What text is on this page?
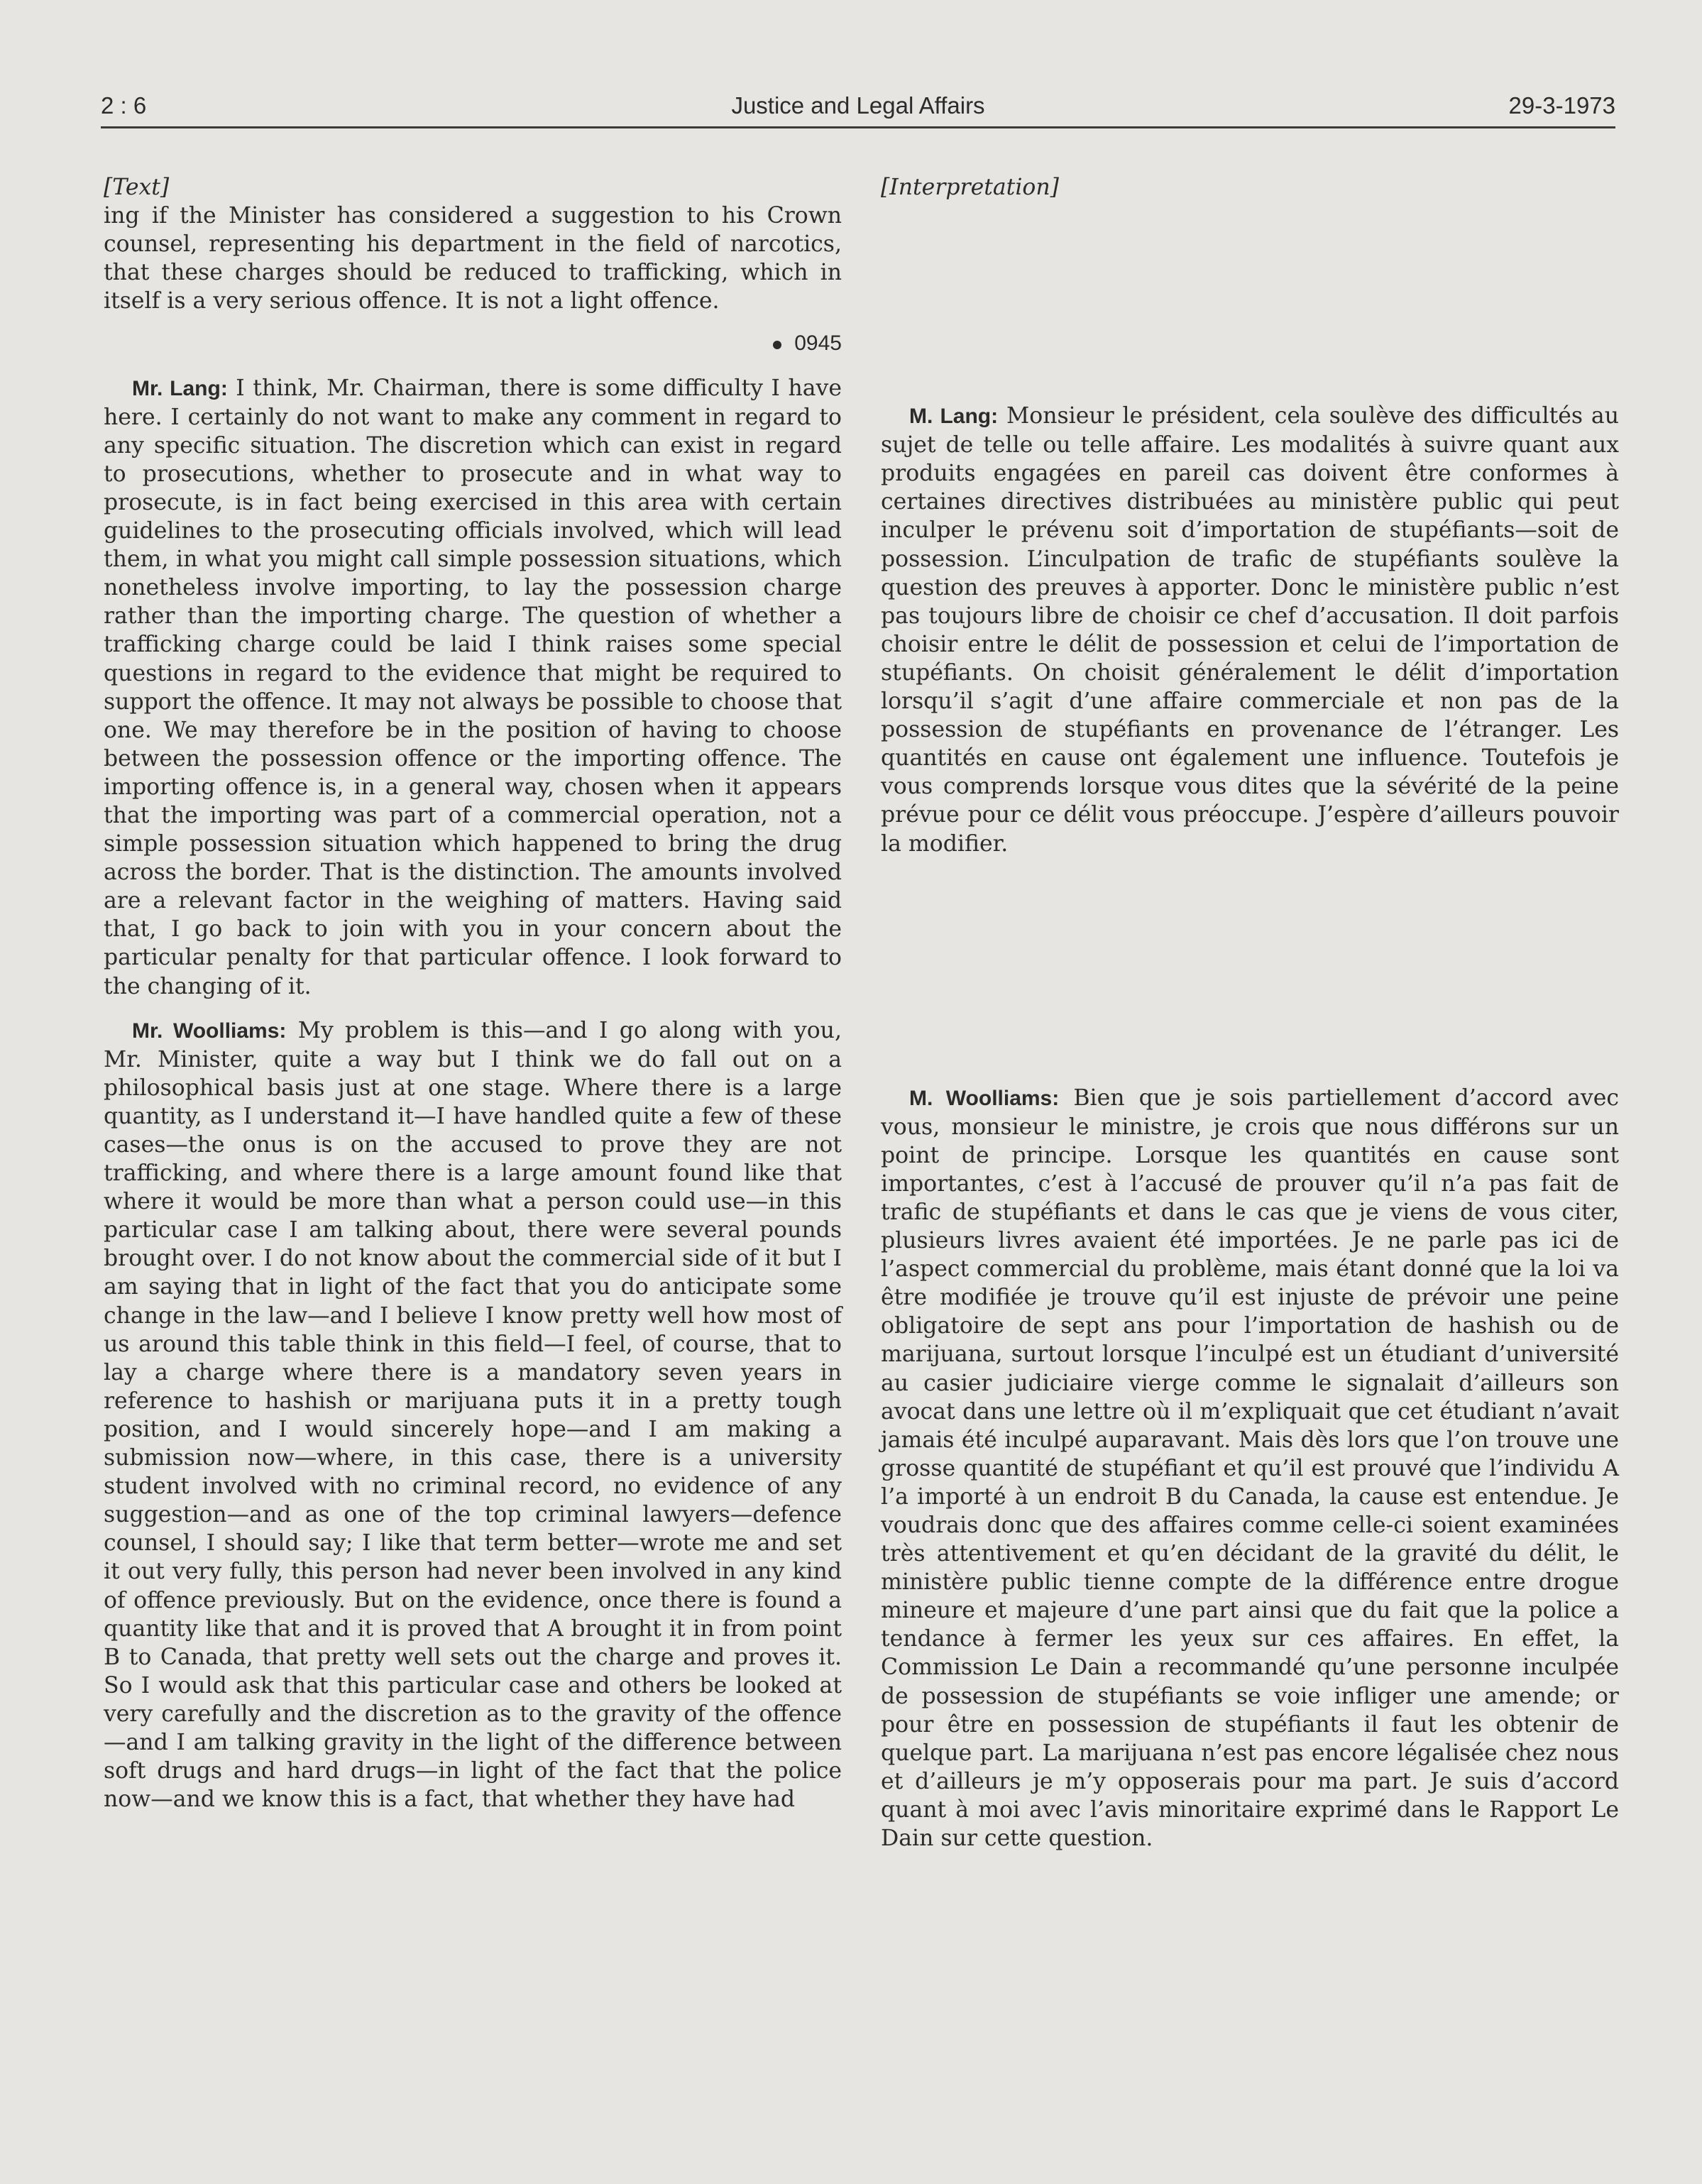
2 : 6	Justice and Legal Affairs	29-3-1973

[Text]

ing if the Minister has considered a suggestion to his Crown counsel, representing his department in the field of narcotics, that these charges should be reduced to trafficking, which in itself is a very serious offence. It is not a light offence.

0945

Mr. Lang: I think, Mr. Chairman, there is some difficulty I have here. I certainly do not want to make any comment in regard to any specific situation. The discretion which can exist in regard to prosecutions, whether to prosecute and in what way to prosecute, is in fact being exercised in this area with certain guidelines to the prosecuting officials involved, which will lead them, in what you might call simple possession situations, which nonetheless involve importing, to lay the possession charge rather than the importing charge. The question of whether a trafficking charge could be laid I think raises some special questions in regard to the evidence that might be required to support the offence. It may not always be possible to choose that one. We may therefore be in the position of having to choose between the possession offence or the importing offence. The importing offence is, in a general way, chosen when it appears that the importing was part of a commercial operation, not a simple possession situation which happened to bring the drug across the border. That is the distinction. The amounts involved are a relevant factor in the weighing of matters. Having said that, I go back to join with you in your concern about the particular penalty for that particular offence. I look forward to the changing of it.

Mr. Woolliams: My problem is this—and I go along with you, Mr. Minister, quite a way but I think we do fall out on a philosophical basis just at one stage. Where there is a large quantity, as I understand it—I have handled quite a few of these cases—the onus is on the accused to prove they are not trafficking, and where there is a large amount found like that where it would be more than what a person could use—in this particular case I am talking about, there were several pounds brought over. I do not know about the commercial side of it but I am saying that in light of the fact that you do anticipate some change in the law—and I believe I know pretty well how most of us around this table think in this field—I feel, of course, that to lay a charge where there is a mandatory seven years in reference to hashish or marijuana puts it in a pretty tough position, and I would sincerely hope—and I am making a submission now—where, in this case, there is a university student involved with no criminal record, no evidence of any suggestion—and as one of the top criminal lawyers—defence counsel, I should say; I like that term better—wrote me and set it out very fully, this person had never been involved in any kind of offence previously. But on the evidence, once there is found a quantity like that and it is proved that A brought it in from point B to Canada, that pretty well sets out the charge and proves it. So I would ask that this particular case and others be looked at very carefully and the discretion as to the gravity of the offence—and I am talking gravity in the light of the difference between soft drugs and hard drugs—in light of the fact that the police now—and we know this is a fact, that whether they have had

[Interpretation]

M. Lang: Monsieur le président, cela soulève des difficultés au sujet de telle ou telle affaire. Les modalités à suivre quant aux produits engagées en pareil cas doivent être conformes à certaines directives distribuées au ministère public qui peut inculper le prévenu soit d’importation de stupéfiants—soit de possession. L’inculpation de trafic de stupéfiants soulève la question des preuves à apporter. Donc le ministère public n’est pas toujours libre de choisir ce chef d’accusation. Il doit parfois choisir entre le délit de possession et celui de l’importation de stupéfiants. On choisit généralement le délit d’importation lorsqu’il s’agit d’une affaire commerciale et non pas de la possession de stupéfiants en provenance de l’étranger. Les quantités en cause ont également une influence. Toutefois je vous comprends lorsque vous dites que la sévérité de la peine prévue pour ce délit vous préoccupe. J’espère d’ailleurs pouvoir la modifier.

M. Woolliams: Bien que je sois partiellement d’accord avec vous, monsieur le ministre, je crois que nous différons sur un point de principe. Lorsque les quantités en cause sont importantes, c’est à l’accusé de prouver qu’il n’a pas fait de trafic de stupéfiants et dans le cas que je viens de vous citer, plusieurs livres avaient été importées. Je ne parle pas ici de l’aspect commercial du problème, mais étant donné que la loi va être modifiée je trouve qu’il est injuste de prévoir une peine obligatoire de sept ans pour l’importation de hashish ou de marijuana, surtout lorsque l’inculpé est un étudiant d’université au casier judiciaire vierge comme le signalait d’ailleurs son avocat dans une lettre où il m’expliquait que cet étudiant n’avait jamais été inculpé auparavant. Mais dès lors que l’on trouve une grosse quantité de stupéfiant et qu’il est prouvé que l’individu A l’a importé à un endroit B du Canada, la cause est entendue. Je voudrais donc que des affaires comme celle-ci soient examinées très attentivement et qu’en décidant de la gravité du délit, le ministère public tienne compte de la différence entre drogue mineure et majeure d’une part ainsi que du fait que la police a tendance à fermer les yeux sur ces affaires. En effet, la Commission Le Dain a recommandé qu’une personne inculpée de possession de stupéfiants se voie infliger une amende; or pour être en possession de stupéfiants il faut les obtenir de quelque part. La marijuana n’est pas encore légalisée chez nous et d’ailleurs je m’y opposerais pour ma part. Je suis d’accord quant à moi avec l’avis minoritaire exprimé dans le Rapport Le Dain sur cette question.
